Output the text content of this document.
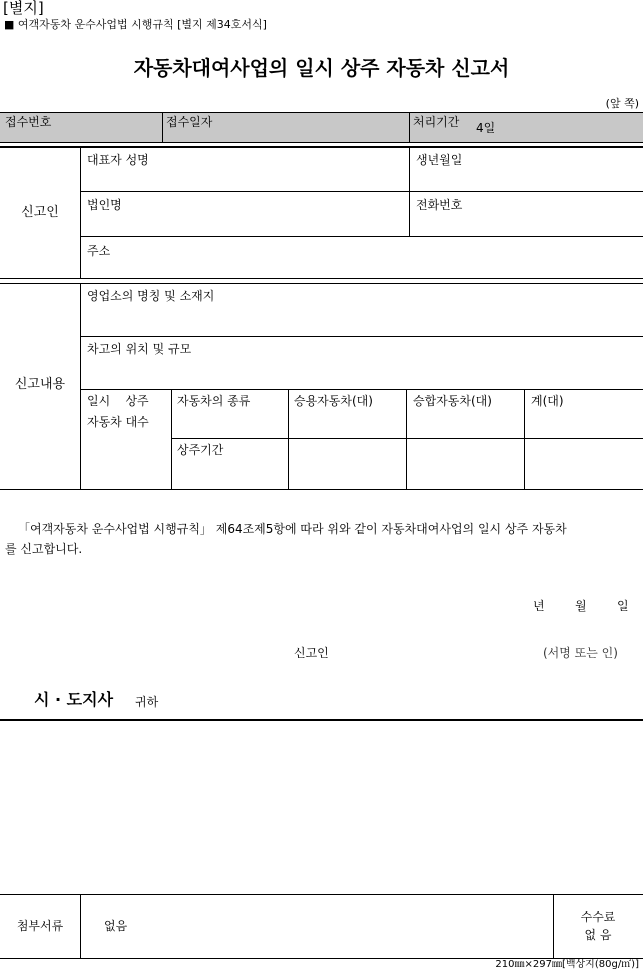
[별지]
■ 여객자동차 운수사업법 시행규칙 [별지 제34호서식]
자동차대여사업의 일시 상주 자동차 신고서
(앞 쪽)
접수번호	접수일자	처리기간 4일
신고인
대표자 성명	생년월일
법인명	전화번호
주소
신고내용
영업소의 명칭 및 소재지
차고의 위치 및 규모
일시    상주
자동차 대수
자동차의 종류	승용자동차(대)	승합자동차(대)	계(대)
상주기간
「여객자동차 운수사업법 시행규칙」 제64조제5항에 따라 위와 같이 자동차대여사업의 일시 상주 자동차
를 신고합니다.
년	월	일
신고인	(서명 또는 인)
시 · 도지사 귀하
첨부서류	없음
수수료
없 음
210㎜×297㎜[백상지(80g/㎡)]
